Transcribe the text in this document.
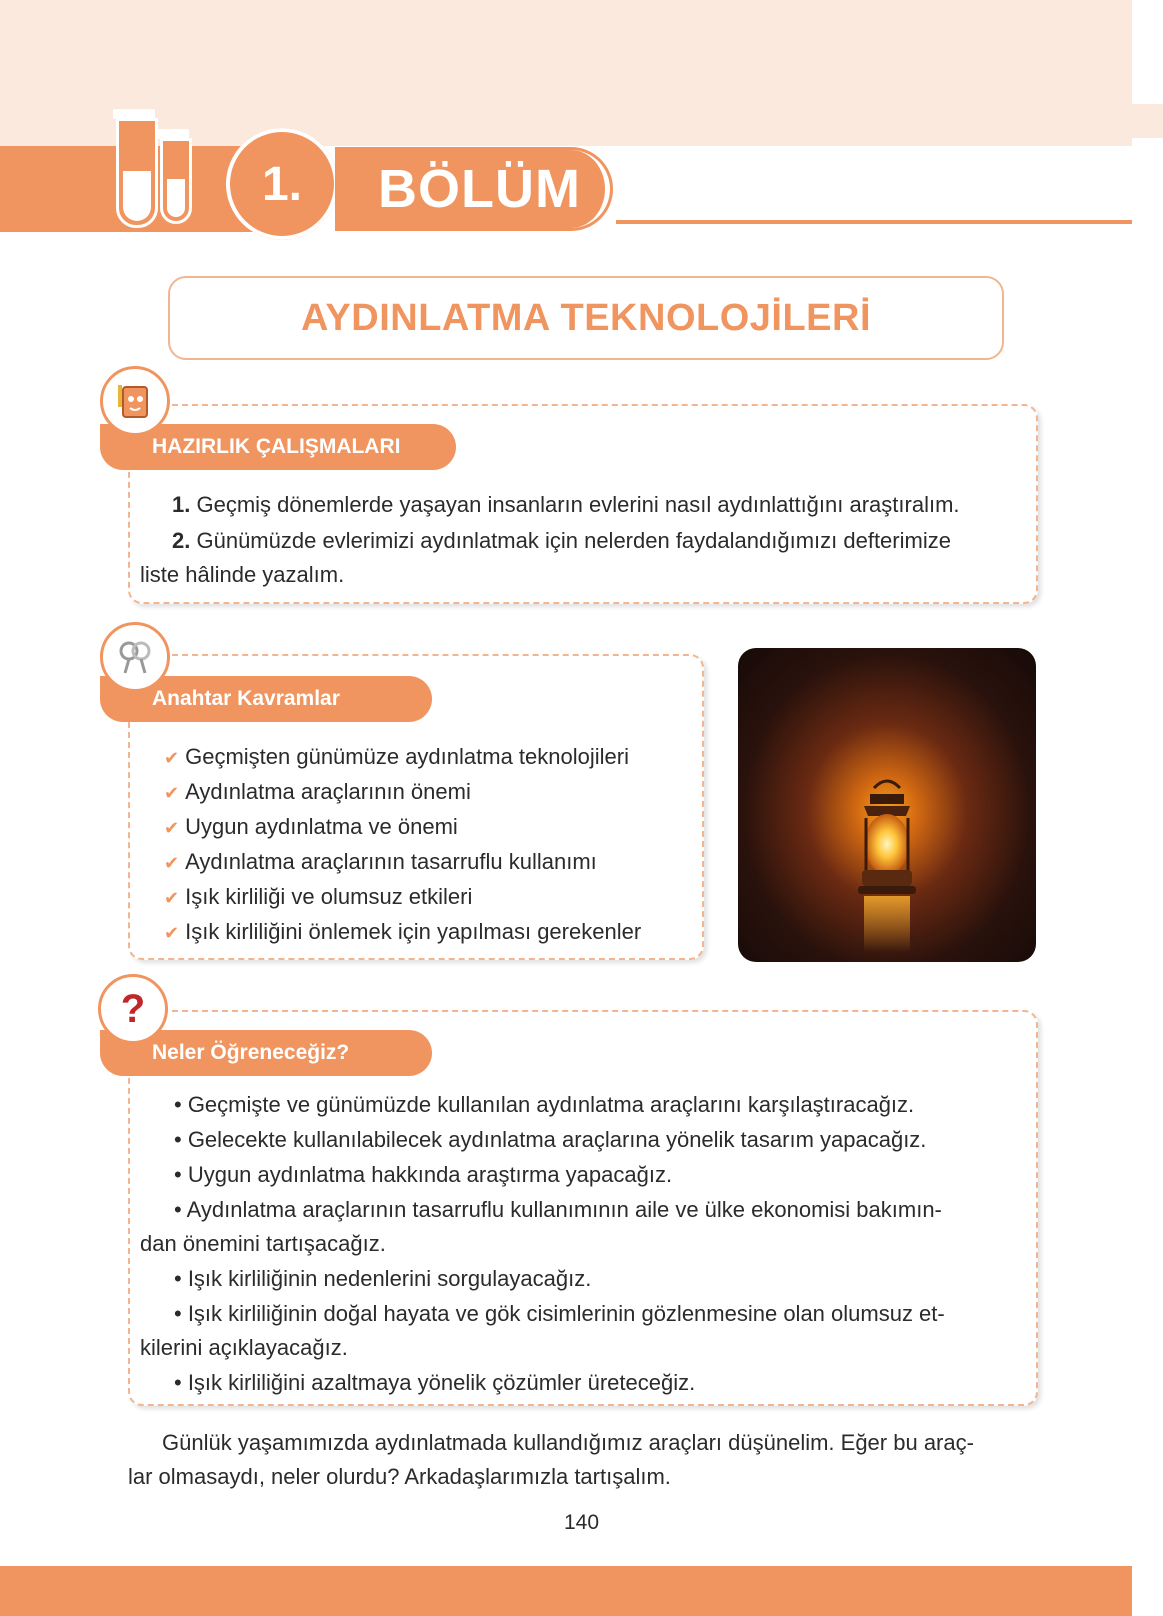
1.	BÖLÜM
AYDINLATMA TEKNOLOJİLERİ
HAZIRLIK ÇALIŞMALARI
1. Geçmiş dönemlerde yaşayan insanların evlerini nasıl aydınlattığını araştıralım.
2. Günümüzde evlerimizi aydınlatmak için nelerden faydalandığımızı defterimize
liste hâlinde yazalım.
Anahtar Kavramlar
✔ Geçmişten günümüze aydınlatma teknolojileri
✔ Aydınlatma araçlarının önemi
✔ Uygun aydınlatma ve önemi
✔ Aydınlatma araçlarının tasarruflu kullanımı
✔ Işık kirliliği ve olumsuz etkileri
✔ Işık kirliliğini önlemek için yapılması gerekenler
Neler Öğreneceğiz?
?
• Geçmişte ve günümüzde kullanılan aydınlatma araçlarını karşılaştıracağız.
• Gelecekte kullanılabilecek aydınlatma araçlarına yönelik tasarım yapacağız.
• Uygun aydınlatma hakkında araştırma yapacağız.
• Aydınlatma araçlarının tasarruflu kullanımının aile ve ülke ekonomisi bakımın-
dan önemini tartışacağız.
• Işık kirliliğinin nedenlerini sorgulayacağız.
• Işık kirliliğinin doğal hayata ve gök cisimlerinin gözlenmesine olan olumsuz et-
kilerini açıklayacağız.
• Işık kirliliğini azaltmaya yönelik çözümler üreteceğiz.
Günlük yaşamımızda aydınlatmada kullandığımız araçları düşünelim. Eğer bu araç-
lar olmasaydı, neler olurdu? Arkadaşlarımızla tartışalım.
140
